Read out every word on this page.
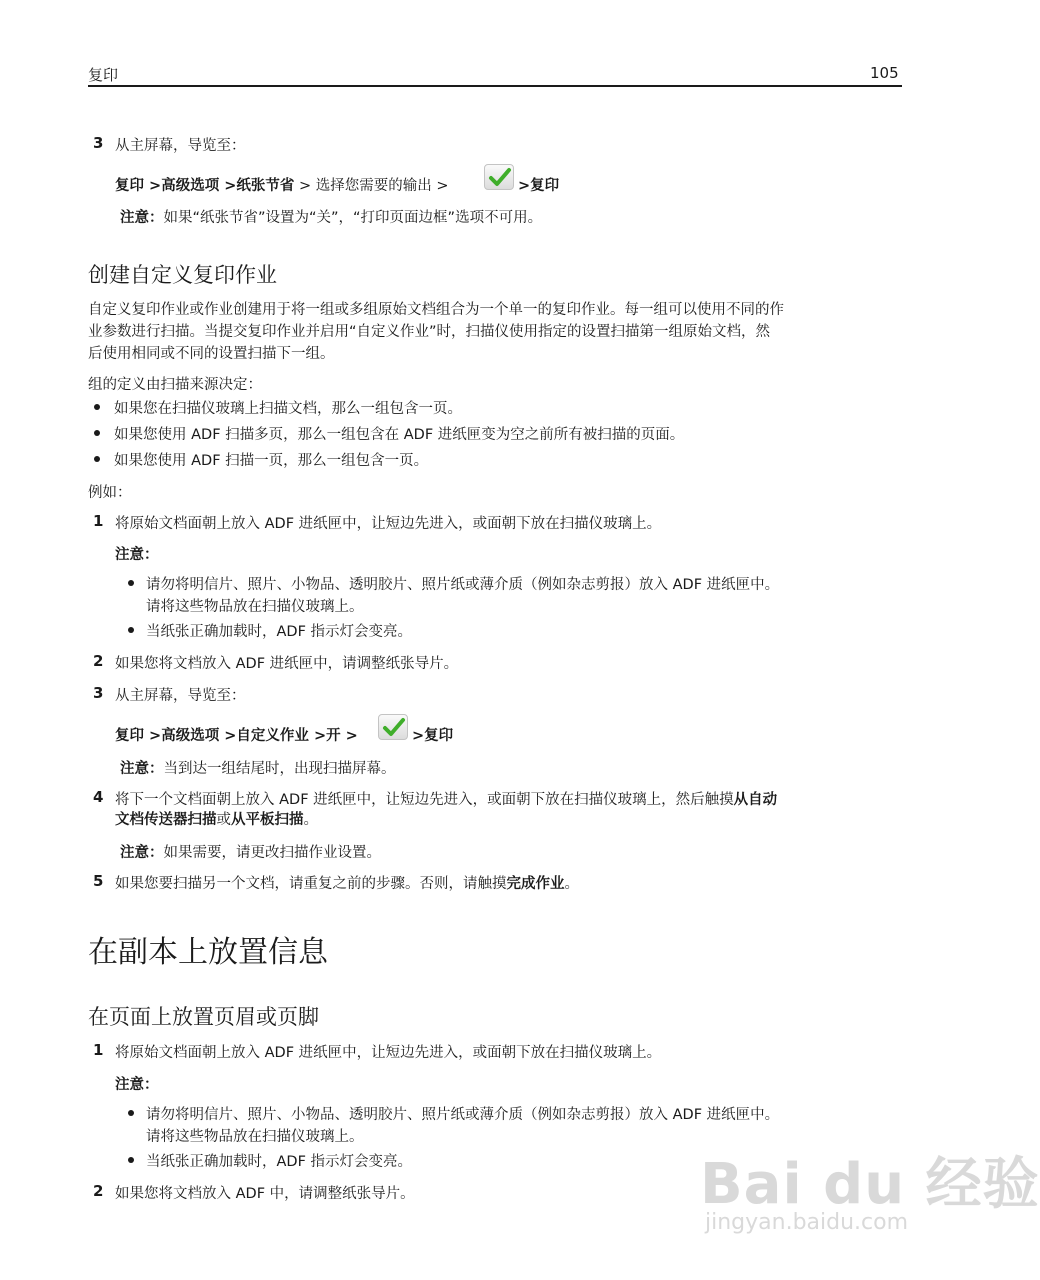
复印	105
3 从主屏幕，导览至：
复印 >高级选项 >纸张节省 > 选择您需要的输出 >	>复印
注意：如果“纸张节省”设置为“关”，“打印页面边框”选项不可用。
创建自定义复印作业
自定义复印作业或作业创建用于将一组或多组原始文档组合为一个单一的复印作业。每一组可以使用不同的作
业参数进行扫描。当提交复印作业并启用“自定义作业”时，扫描仪使用指定的设置扫描第一组原始文档，然
后使用相同或不同的设置扫描下一组。
组的定义由扫描来源决定：
如果您在扫描仪玻璃上扫描文档，那么一组包含一页。
如果您使用 ADF 扫描多页，那么一组包含在 ADF 进纸匣变为空之前所有被扫描的页面。
如果您使用 ADF 扫描一页，那么一组包含一页。
例如：
1 将原始文档面朝上放入 ADF 进纸匣中，让短边先进入，或面朝下放在扫描仪玻璃上。
注意：
请勿将明信片、照片、小物品、透明胶片、照片纸或薄介质（例如杂志剪报）放入 ADF 进纸匣中。
请将这些物品放在扫描仪玻璃上。
当纸张正确加载时，ADF 指示灯会变亮。
2 如果您将文档放入 ADF 进纸匣中，请调整纸张导片。
3 从主屏幕，导览至：
复印 >高级选项 >自定义作业 >开 >	>复印
注意：当到达一组结尾时，出现扫描屏幕。
4 将下一个文档面朝上放入 ADF 进纸匣中，让短边先进入，或面朝下放在扫描仪玻璃上，然后触摸从自动
文档传送器扫描或从平板扫描。
注意：如果需要，请更改扫描作业设置。
5 如果您要扫描另一个文档，请重复之前的步骤。否则，请触摸完成作业。
在副本上放置信息
在页面上放置页眉或页脚
1 将原始文档面朝上放入 ADF 进纸匣中，让短边先进入，或面朝下放在扫描仪玻璃上。
注意：
请勿将明信片、照片、小物品、透明胶片、照片纸或薄介质（例如杂志剪报）放入 ADF 进纸匣中。
请将这些物品放在扫描仪玻璃上。
当纸张正确加载时，ADF 指示灯会变亮。
2 如果您将文档放入 ADF 中，请调整纸张导片。	Bai du 经验
jingyan.baidu.com
